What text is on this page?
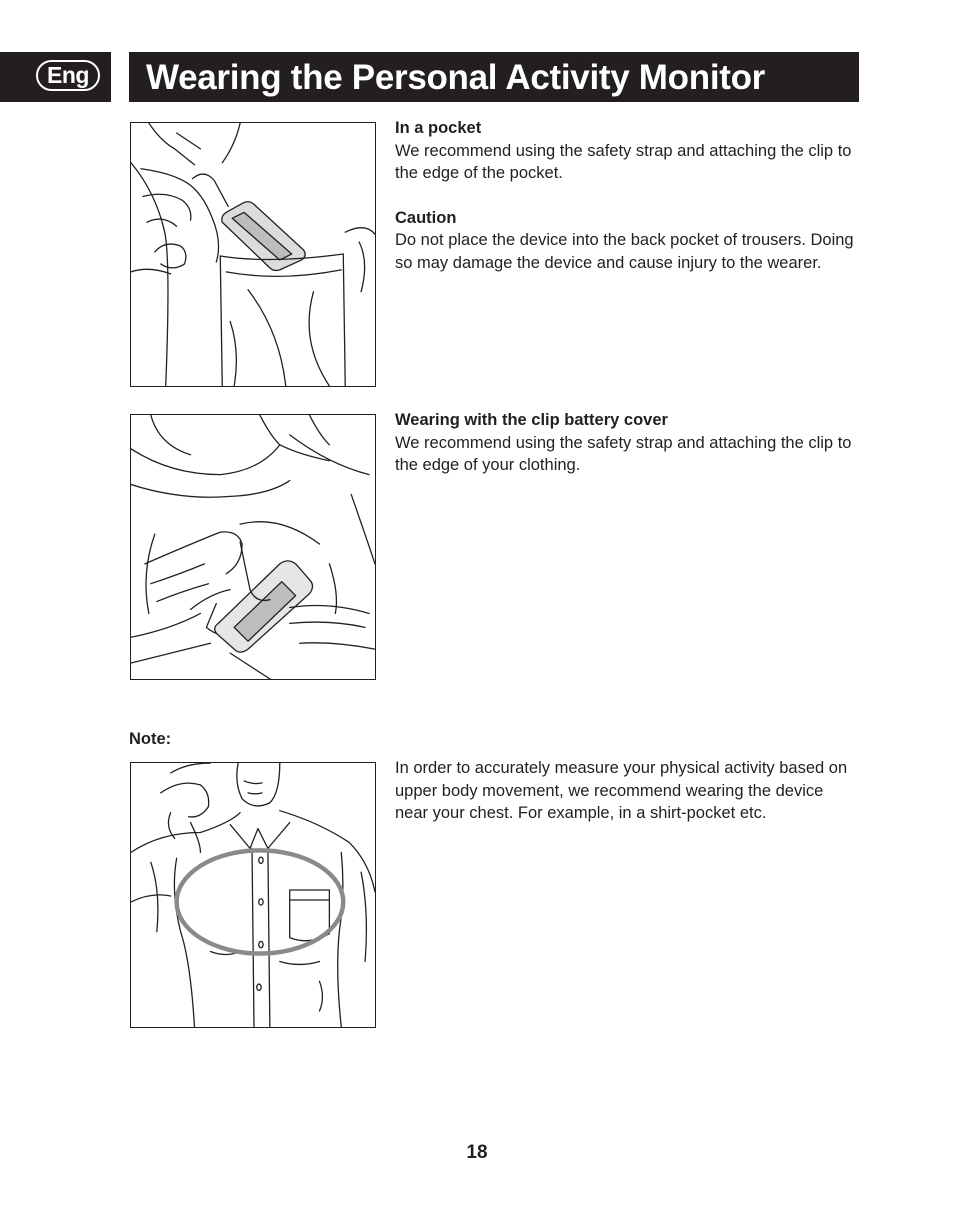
Eng	Wearing the Personal Activity Monitor

In a pocket

We recommend using the safety strap and attaching the clip to the edge of the pocket.

Caution

Do not place the device into the back pocket of trousers. Doing so may damage the device and cause injury to the wearer.

Wearing with the clip battery cover

We recommend using the safety strap and attaching the clip to the edge of your clothing.

Note:

In order to accurately measure your physical activity based on upper body movement, we recommend wearing the device near your chest. For example, in a shirt-pocket etc.

18
